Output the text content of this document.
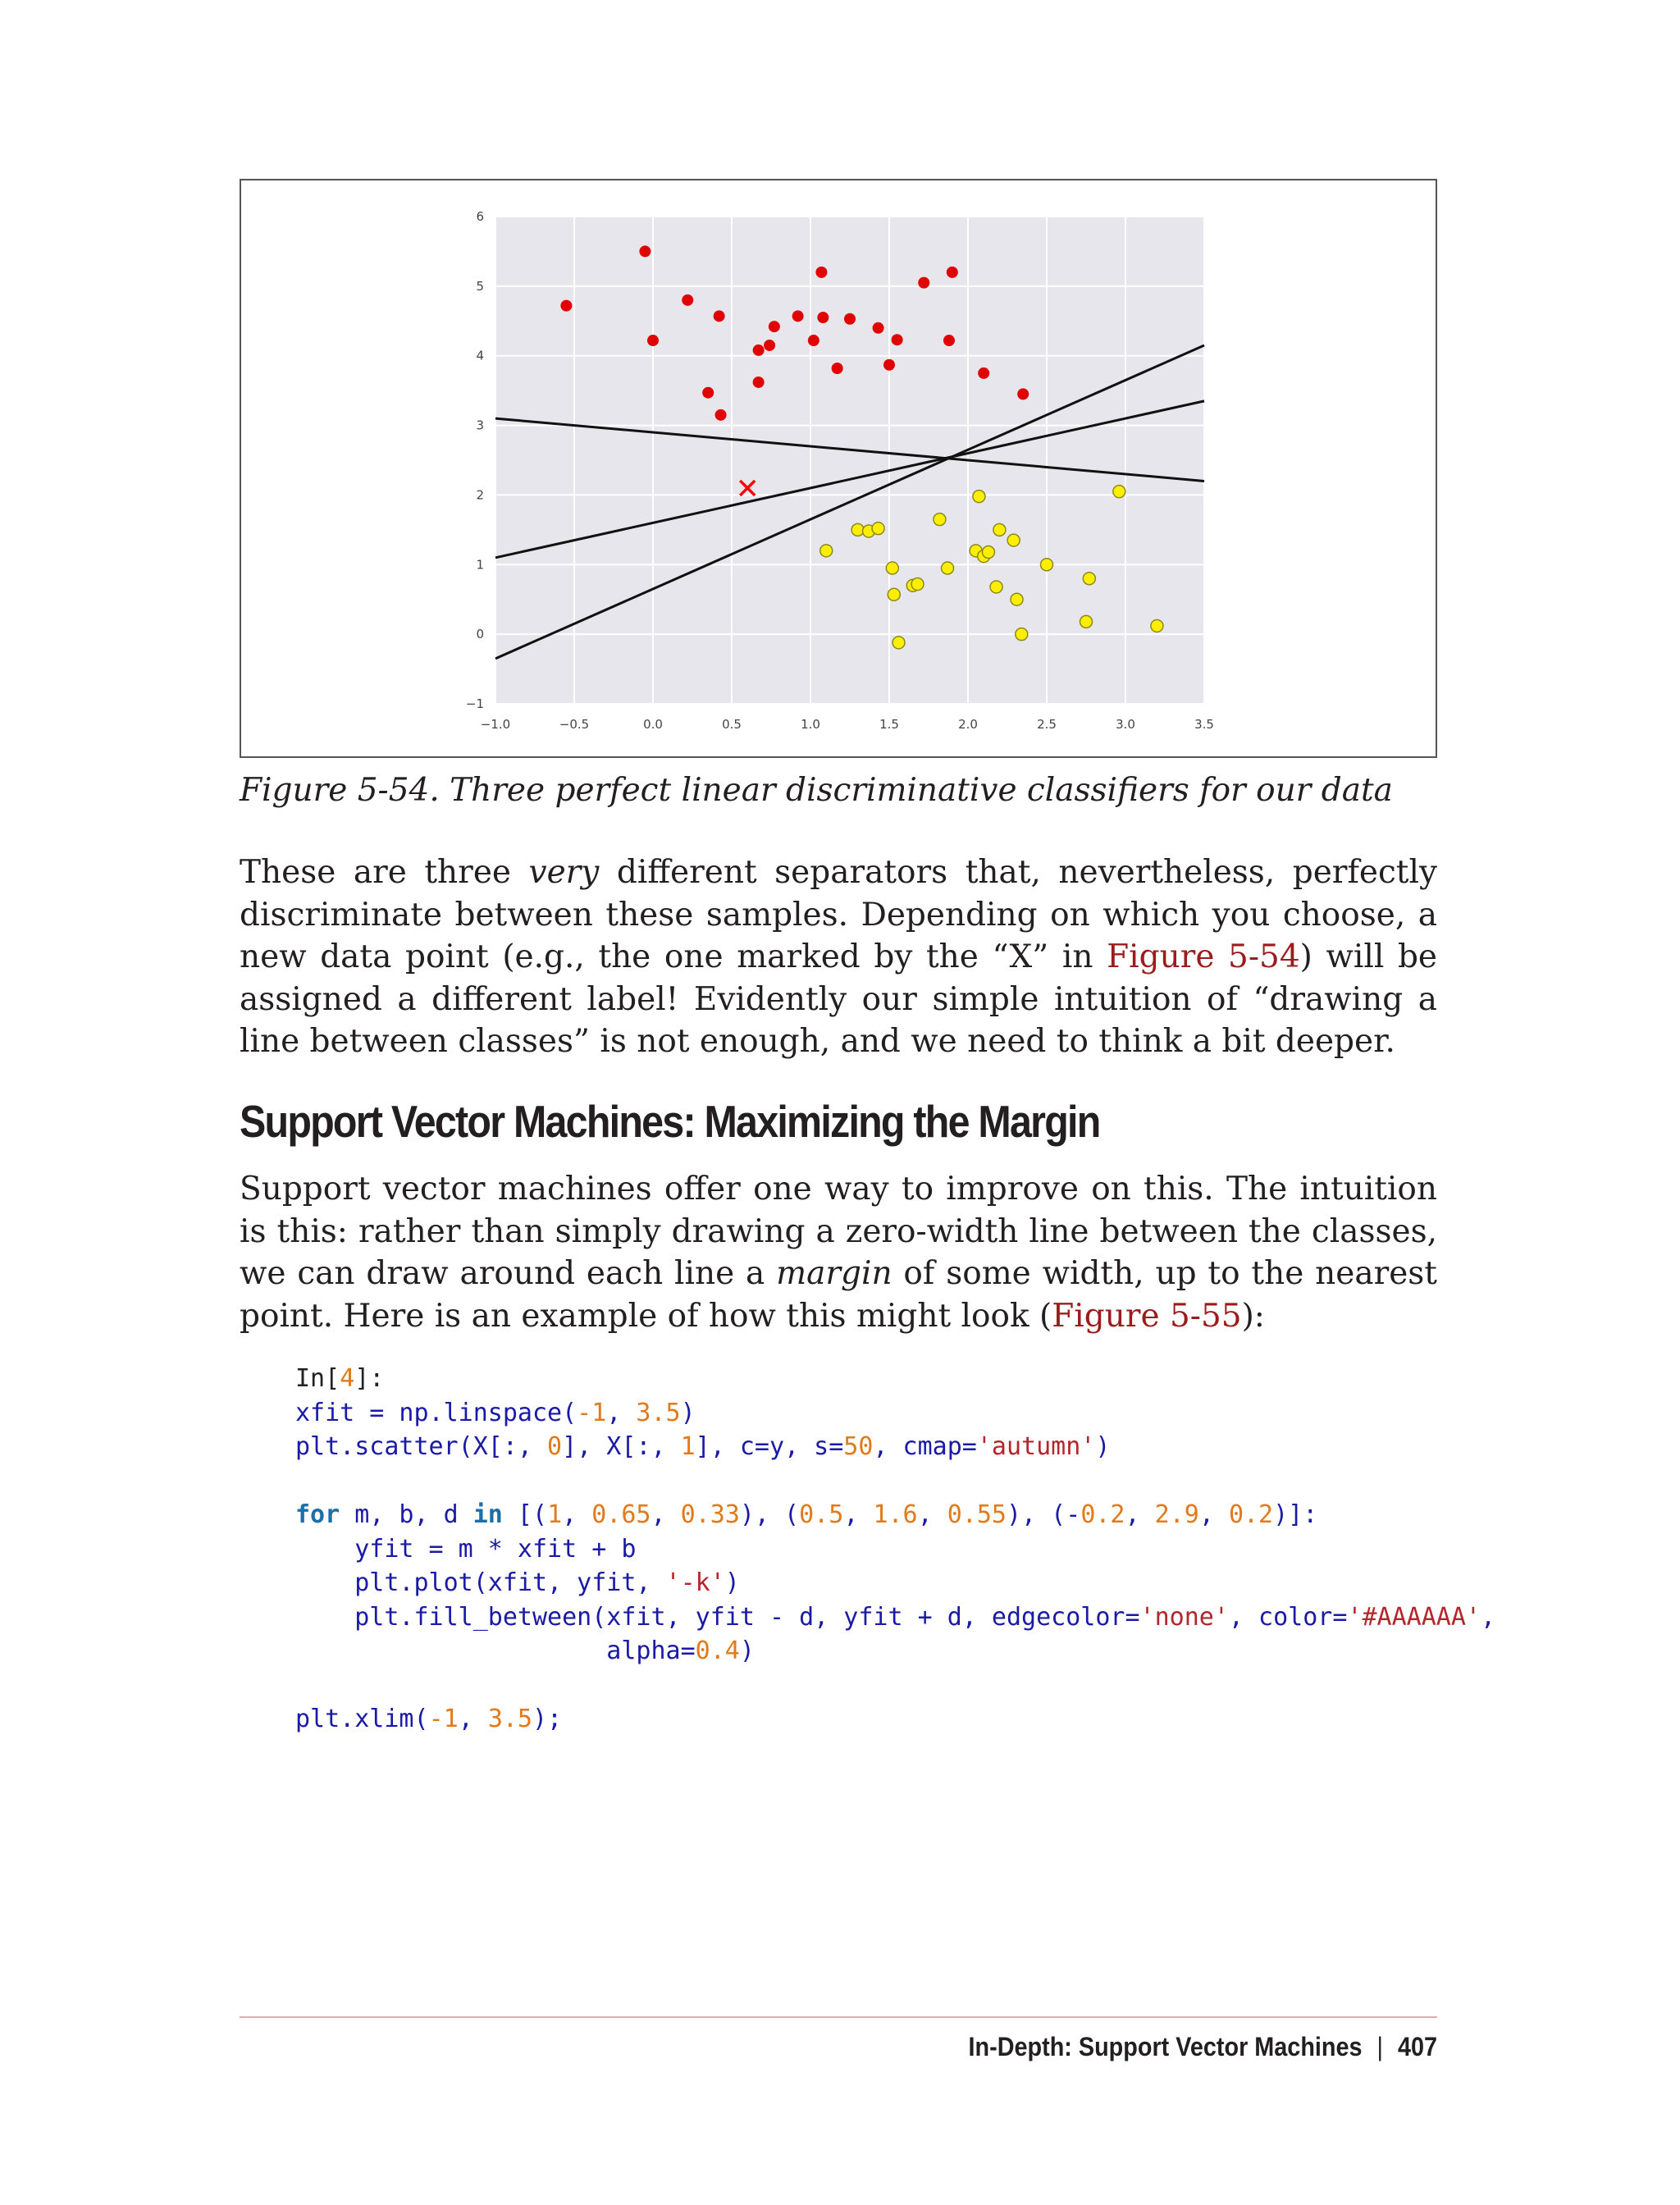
−1.0	−0.5	0.0	0.5	1.0	1.5	2.0	2.5	3.0	3.5
−1
0
1
2
3
4
5
6
Figure 5-54. Three perfect linear discriminative classifiers for our data

These are three very different separators that, nevertheless, perfectly discriminate between these samples. Depending on which you choose, a new data point (e.g., the one marked by the “X” in Figure 5-54) will be assigned a different label! Evidently our simple intuition of “drawing a line between classes” is not enough, and we need to think a bit deeper.

Support Vector Machines: Maximizing the Margin

Support vector machines offer one way to improve on this. The intuition is this: rather than simply drawing a zero-width line between the classes, we can draw around each line a margin of some width, up to the nearest point. Here is an example of how this might look (Figure 5-55):

In[4]:
xfit = np.linspace(-1, 3.5)
plt.scatter(X[:, 0], X[:, 1], c=y, s=50, cmap='autumn')

for m, b, d in [(1, 0.65, 0.33), (0.5, 1.6, 0.55), (-0.2, 2.9, 0.2)]:
yfit = m * xfit + b
plt.plot(xfit, yfit, '-k')
plt.fill_between(xfit, yfit - d, yfit + d, edgecolor='none', color='#AAAAAA',
alpha=0.4)

plt.xlim(-1, 3.5);
In-Depth: Support Vector Machines | 407
